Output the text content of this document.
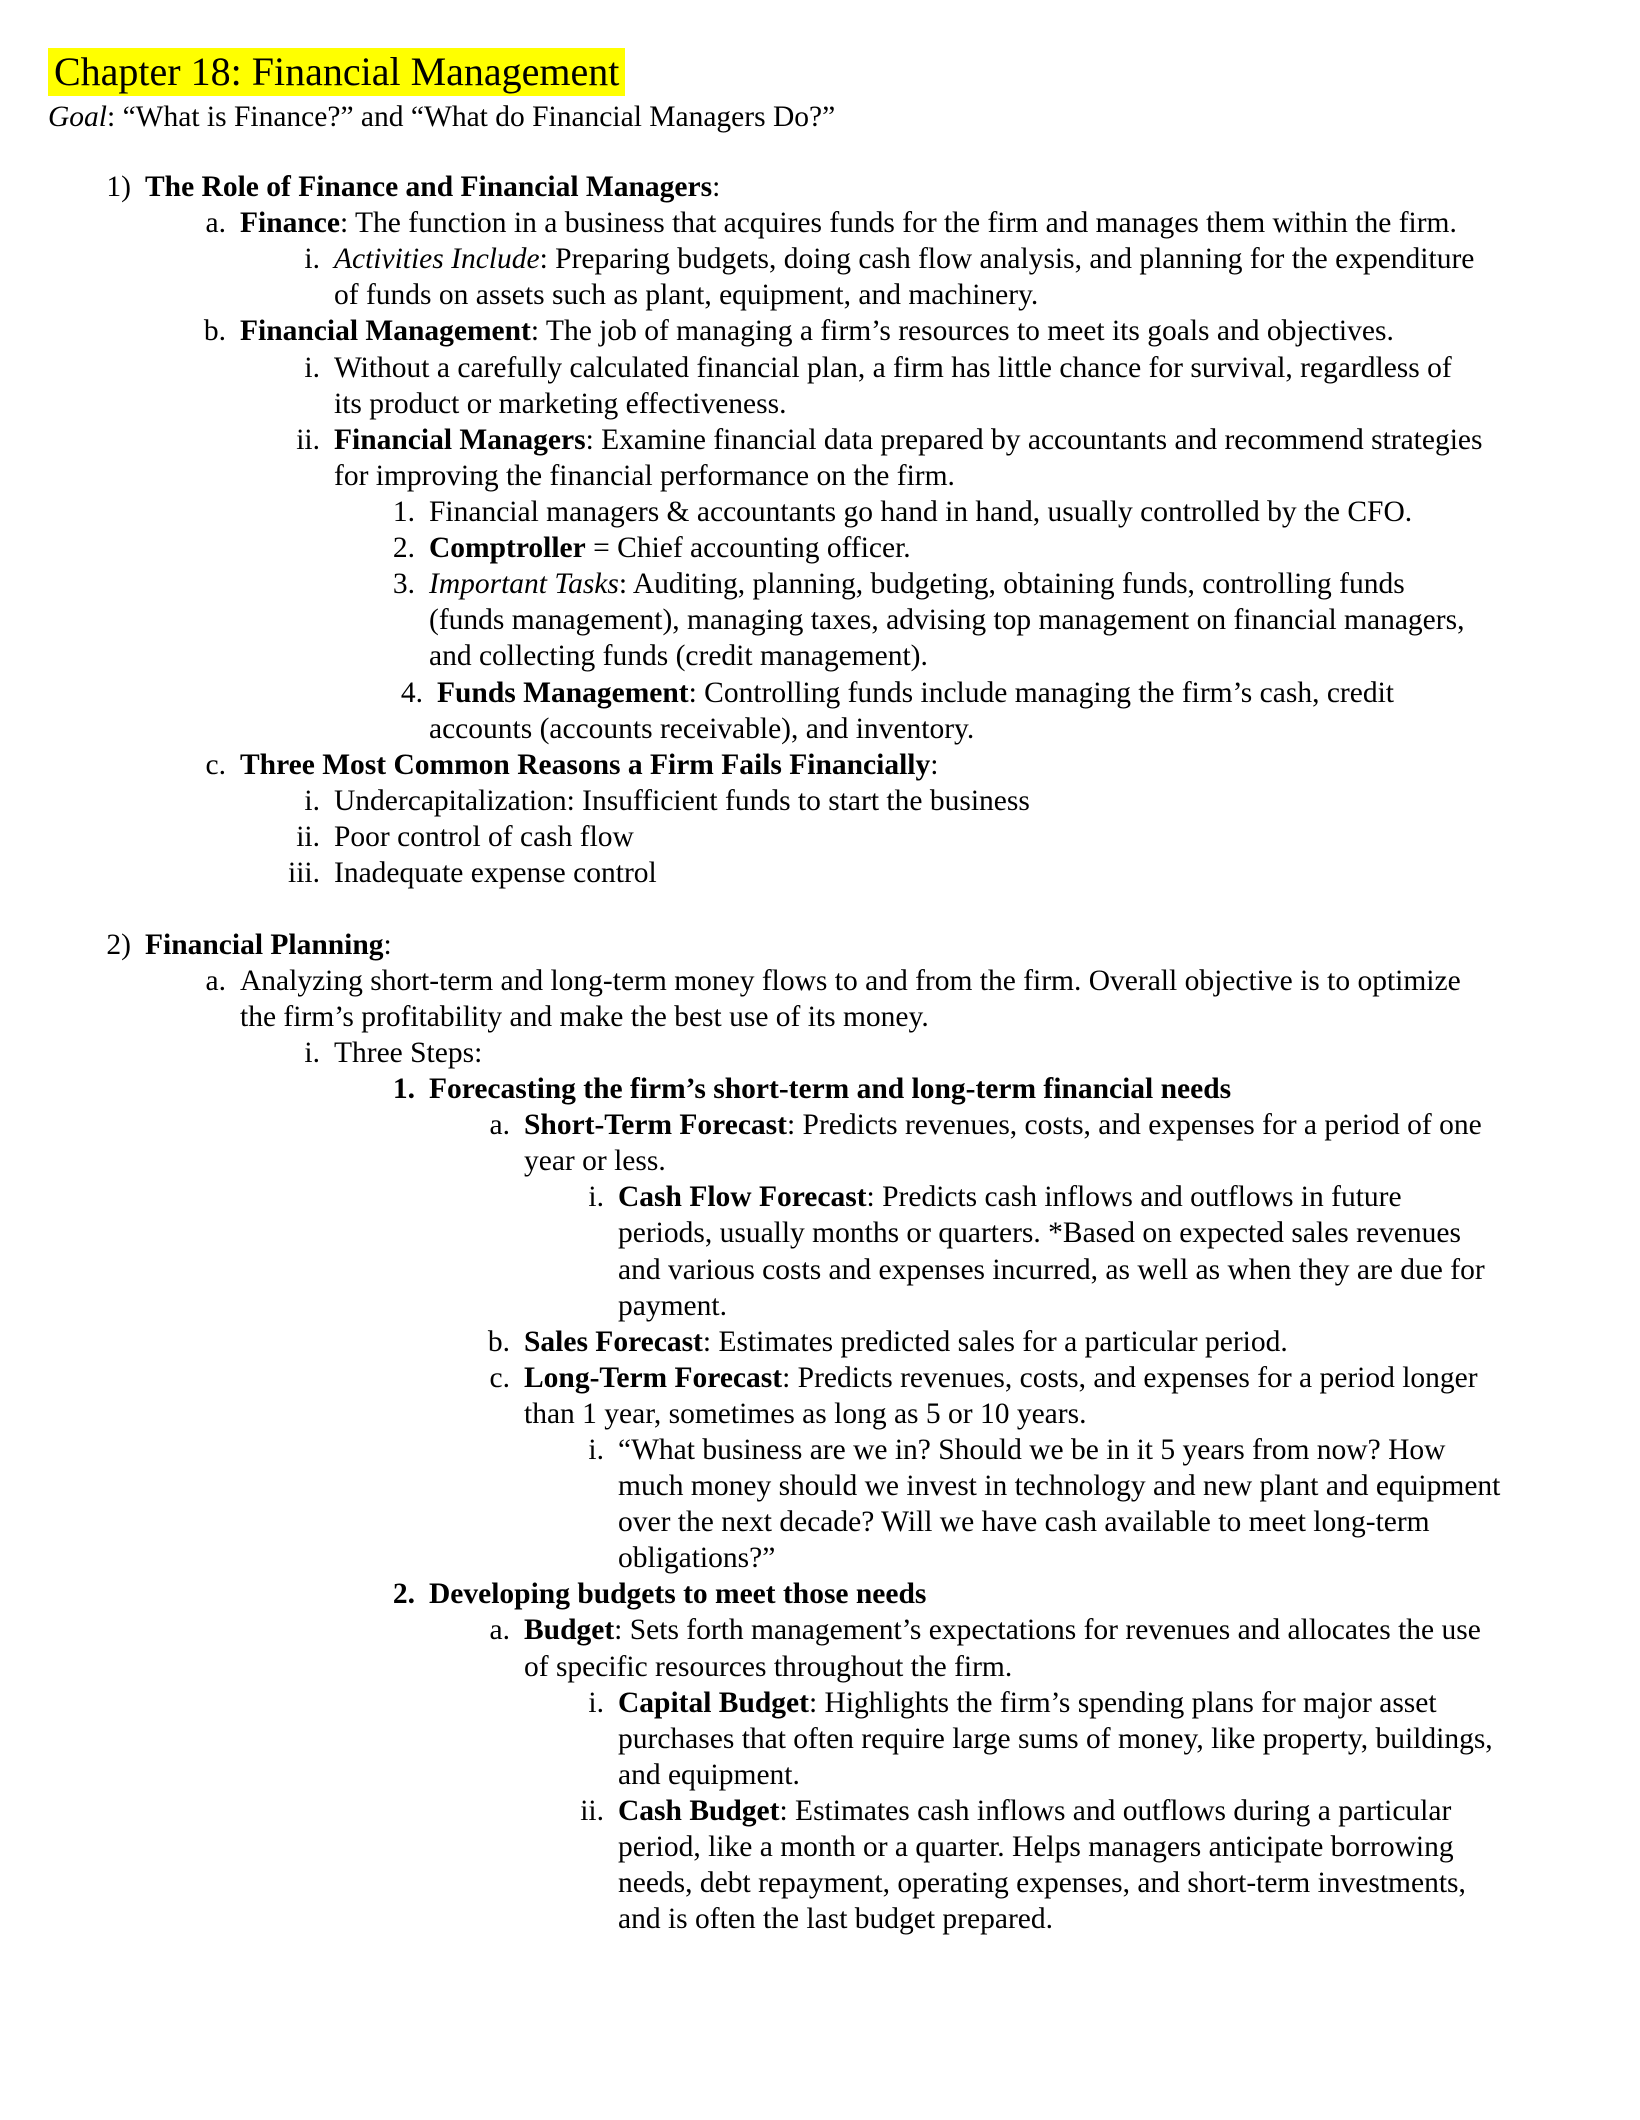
Chapter 18: Financial Management
Goal: “What is Finance?” and “What do Financial Managers Do?”
1) The Role of Finance and Financial Managers:
a. Finance: The function in a business that acquires funds for the firm and manages them within the firm.
i. Activities Include: Preparing budgets, doing cash flow analysis, and planning for the expenditure
of funds on assets such as plant, equipment, and machinery.
b. Financial Management: The job of managing a firm’s resources to meet its goals and objectives.
i. Without a carefully calculated financial plan, a firm has little chance for survival, regardless of
its product or marketing effectiveness.
ii. Financial Managers: Examine financial data prepared by accountants and recommend strategies
for improving the financial performance on the firm.
1. Financial managers & accountants go hand in hand, usually controlled by the CFO.
2. Comptroller = Chief accounting officer.
3. Important Tasks: Auditing, planning, budgeting, obtaining funds, controlling funds
(funds management), managing taxes, advising top management on financial managers,
and collecting funds (credit management).
4. Funds Management: Controlling funds include managing the firm’s cash, credit
accounts (accounts receivable), and inventory.
c. Three Most Common Reasons a Firm Fails Financially:
i. Undercapitalization: Insufficient funds to start the business
ii. Poor control of cash flow
iii. Inadequate expense control
2) Financial Planning:
a. Analyzing short-term and long-term money flows to and from the firm. Overall objective is to optimize
the firm’s profitability and make the best use of its money.
i. Three Steps:
1. Forecasting the firm’s short-term and long-term financial needs
a. Short-Term Forecast: Predicts revenues, costs, and expenses for a period of one
year or less.
i. Cash Flow Forecast: Predicts cash inflows and outflows in future
periods, usually months or quarters. *Based on expected sales revenues
and various costs and expenses incurred, as well as when they are due for
payment.
b. Sales Forecast: Estimates predicted sales for a particular period.
c. Long-Term Forecast: Predicts revenues, costs, and expenses for a period longer
than 1 year, sometimes as long as 5 or 10 years.
i. “What business are we in? Should we be in it 5 years from now? How
much money should we invest in technology and new plant and equipment
over the next decade? Will we have cash available to meet long-term
obligations?”
2. Developing budgets to meet those needs
a. Budget: Sets forth management’s expectations for revenues and allocates the use
of specific resources throughout the firm.
i. Capital Budget: Highlights the firm’s spending plans for major asset
purchases that often require large sums of money, like property, buildings,
and equipment.
ii. Cash Budget: Estimates cash inflows and outflows during a particular
period, like a month or a quarter. Helps managers anticipate borrowing
needs, debt repayment, operating expenses, and short-term investments,
and is often the last budget prepared.
